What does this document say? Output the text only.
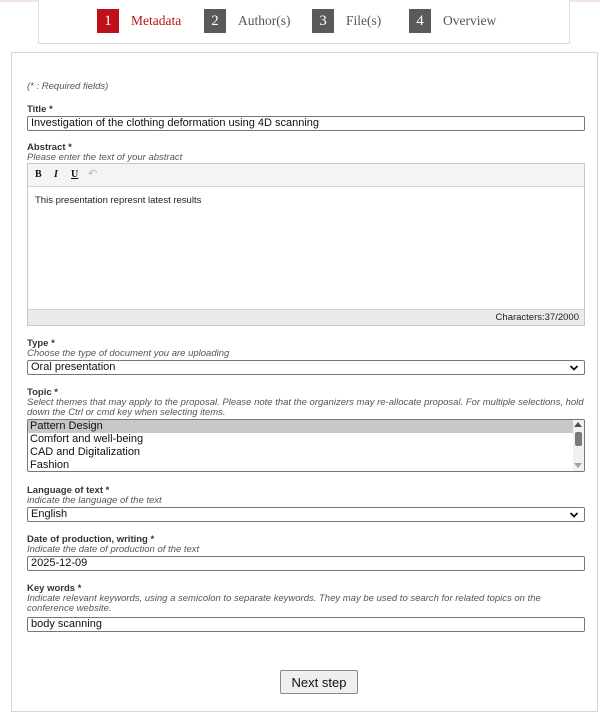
1	Metadata	2	Author(s)	3	File(s)	4	Overview
(* : Required fields)
Title *
Investigation of the clothing deformation using 4D scanning
Abstract *
Please enter the text of your abstract
B I U ↶
This presentation represnt latest results
Characters:37/2000
Type *
Choose the type of document you are uploading
Oral presentation
Topic *
Select themes that may apply to the proposal. Please note that the organizers may re-allocate proposal. For multiple selections, hold
down the Ctrl or cmd key when selecting items.
Pattern Design
Comfort and well-being
CAD and Digitalization
Fashion
Language of text *
indicate the language of the text
English
Date of production, writing *
Indicate the date of production of the text
2025-12-09
Key words *
Indicate relevant keywords, using a semicolon to separate keywords. They may be used to search for related topics on the
conference website.
body scanning
Next step
